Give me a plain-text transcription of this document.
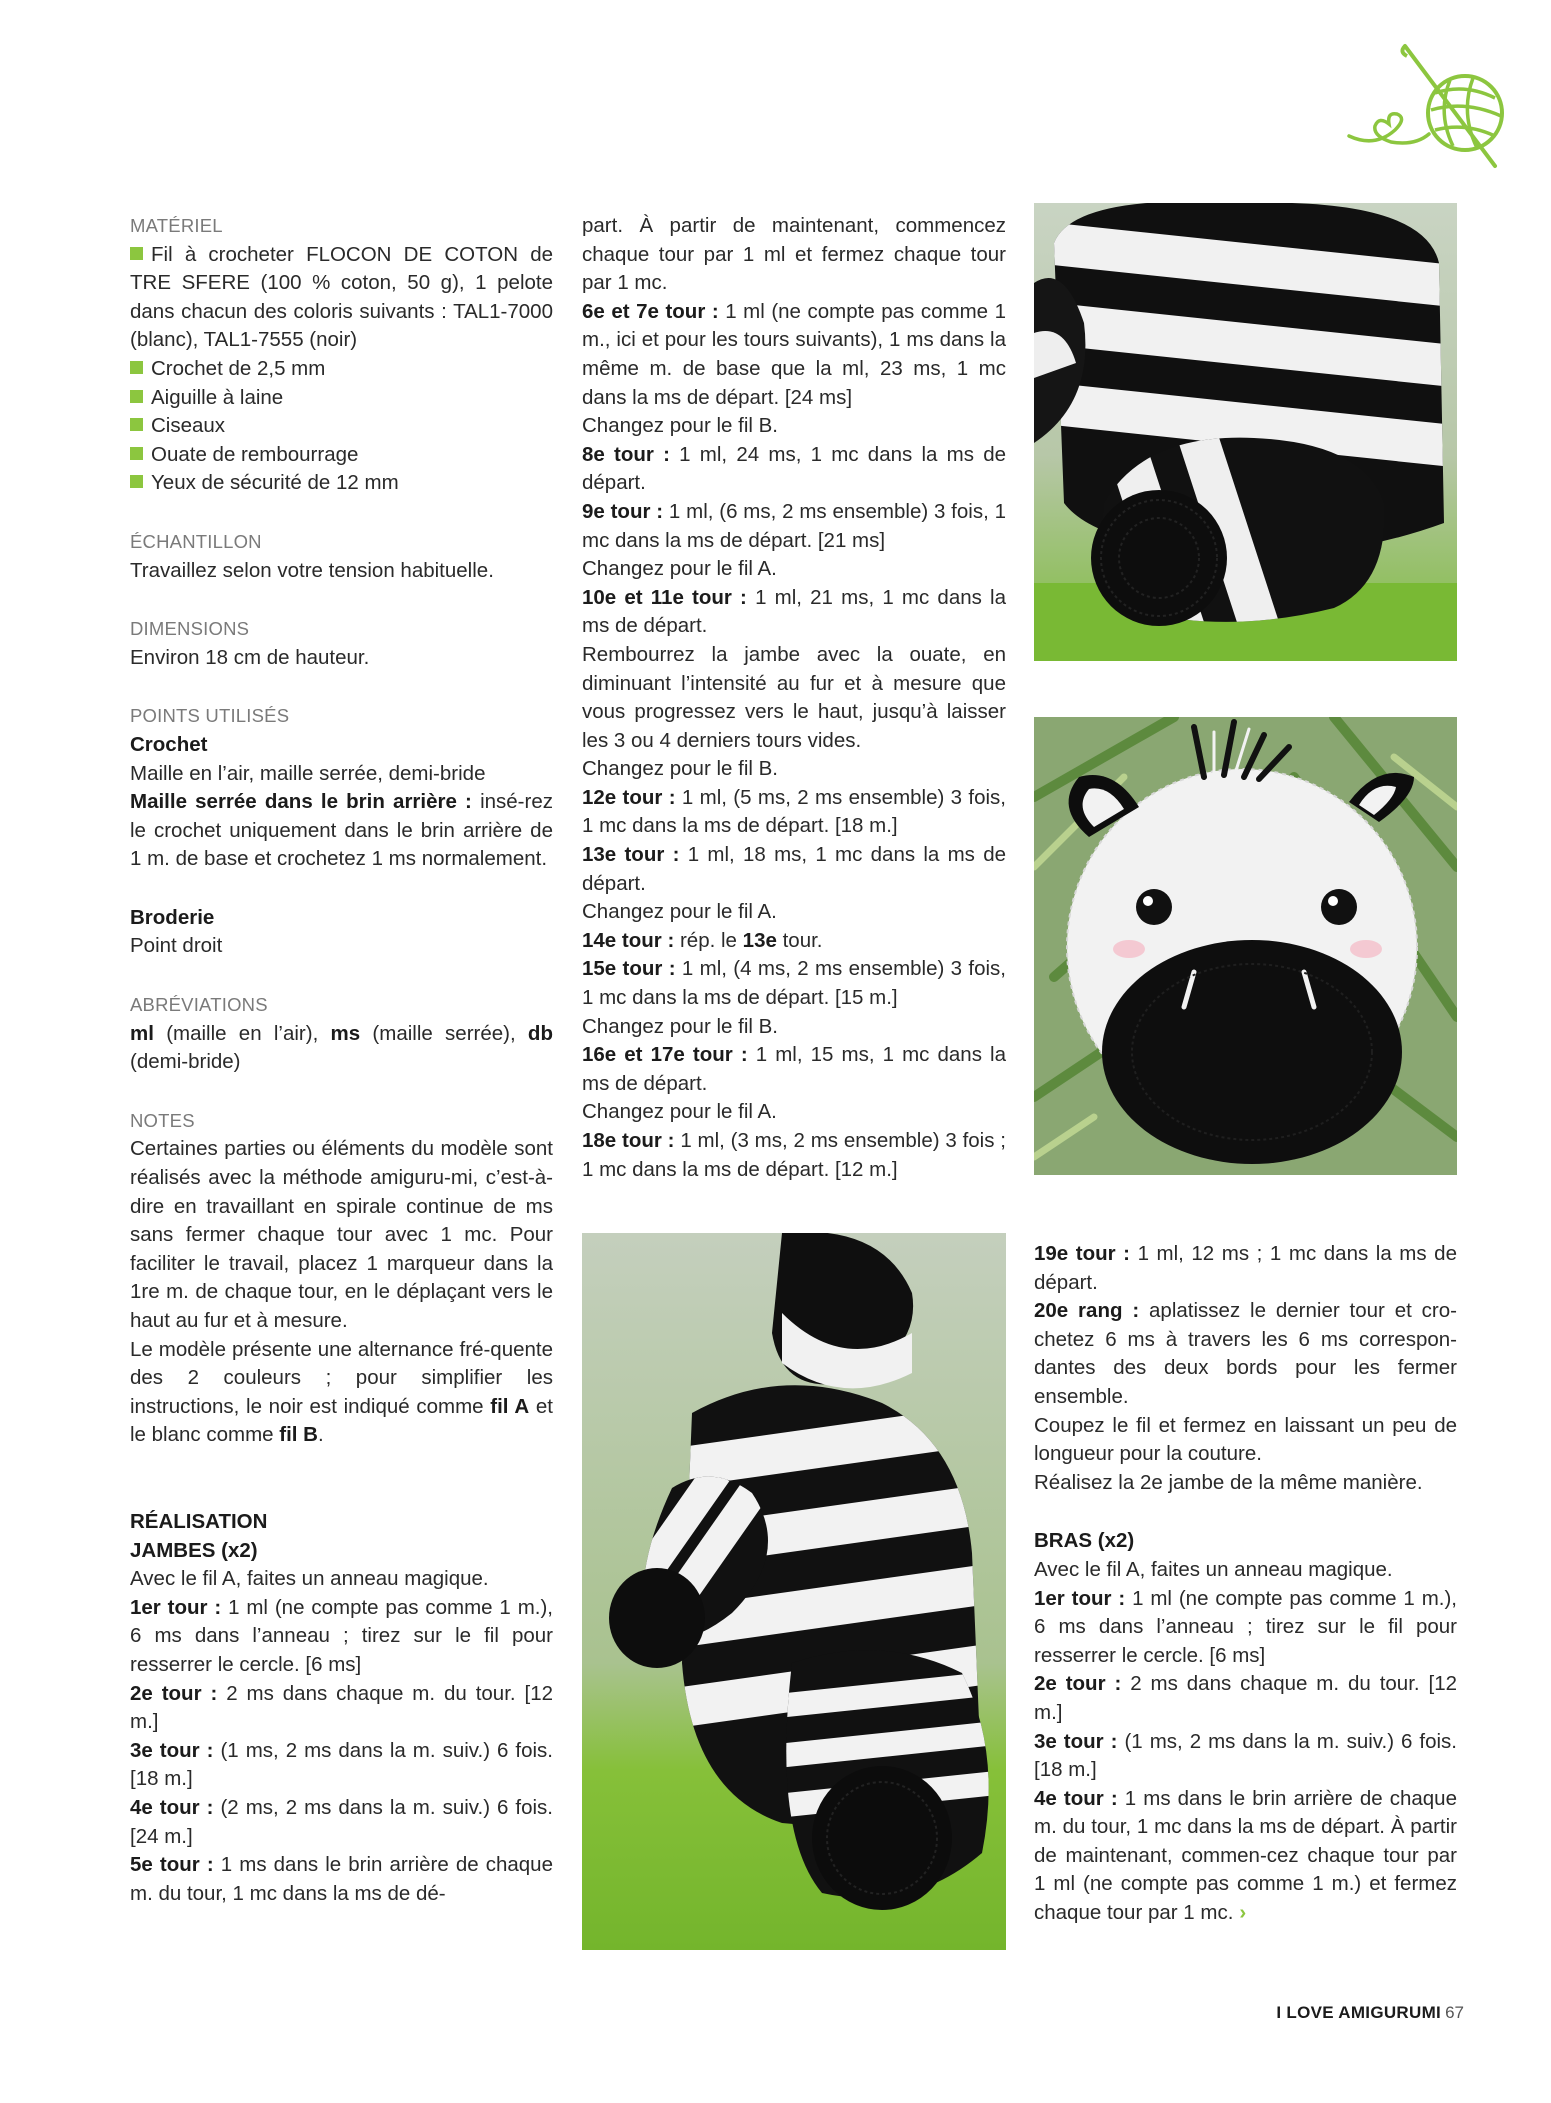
MATÉRIEL

Fil à crocheter FLOCON DE COTON de TRE SFERE (100 % coton, 50 g), 1 pelote dans chacun des coloris suivants : TAL1-7000 (blanc), TAL1-7555 (noir)

Crochet de 2,5 mm

Aiguille à laine

Ciseaux

Ouate de rembourrage

Yeux de sécurité de 12 mm

ÉCHANTILLON

Travaillez selon votre tension habituelle.

DIMENSIONS

Environ 18 cm de hauteur.

POINTS UTILISÉS

Crochet

Maille en l’air, maille serrée, demi-bride

Maille serrée dans le brin arrière : insé-rez le crochet uniquement dans le brin arrière de 1 m. de base et crochetez 1 ms normalement.

Broderie

Point droit

ABRÉVIATIONS

ml (maille en l’air), ms (maille serrée), db (demi-bride)

NOTES

Certaines parties ou éléments du modèle sont réalisés avec la méthode amiguru-mi, c’est-à-dire en travaillant en spirale continue de ms sans fermer chaque tour avec 1 mc. Pour faciliter le travail, placez 1 marqueur dans la 1re m. de chaque tour, en le déplaçant vers le haut au fur et à mesure.

Le modèle présente une alternance fré-quente des 2 couleurs ; pour simplifier les instructions, le noir est indiqué comme fil A et le blanc comme fil B.

RÉALISATION

JAMBES (x2)

Avec le fil A, faites un anneau magique.

1er tour : 1 ml (ne compte pas comme 1 m.), 6 ms dans l’anneau ; tirez sur le fil pour resserrer le cercle. [6 ms]

2e tour : 2 ms dans chaque m. du tour. [12 m.]

3e tour : (1 ms, 2 ms dans la m. suiv.) 6 fois. [18 m.]

4e tour : (2 ms, 2 ms dans la m. suiv.) 6 fois. [24 m.]

5e tour : 1 ms dans le brin arrière de chaque m. du tour, 1 mc dans la ms de dé-

part. À partir de maintenant, commencez chaque tour par 1 ml et fermez chaque tour par 1 mc.

6e et 7e tour : 1 ml (ne compte pas comme 1 m., ici et pour les tours suivants), 1 ms dans la même m. de base que la ml, 23 ms, 1 mc dans la ms de départ. [24 ms]

Changez pour le fil B.

8e tour : 1 ml, 24 ms, 1 mc dans la ms de départ.

9e tour : 1 ml, (6 ms, 2 ms ensemble) 3 fois, 1 mc dans la ms de départ. [21 ms]

Changez pour le fil A.

10e et 11e tour : 1 ml, 21 ms, 1 mc dans la ms de départ.

Rembourrez la jambe avec la ouate, en diminuant l’intensité au fur et à mesure que vous progressez vers le haut, jusqu’à laisser les 3 ou 4 derniers tours vides.

Changez pour le fil B.

12e tour : 1 ml, (5 ms, 2 ms ensemble) 3 fois, 1 mc dans la ms de départ. [18 m.]

13e tour : 1 ml, 18 ms, 1 mc dans la ms de départ.

Changez pour le fil A.

14e tour : rép. le 13e tour.

15e tour : 1 ml, (4 ms, 2 ms ensemble) 3 fois, 1 mc dans la ms de départ. [15 m.]

Changez pour le fil B.

16e et 17e tour : 1 ml, 15 ms, 1 mc dans la ms de départ.

Changez pour le fil A.

18e tour : 1 ml, (3 ms, 2 ms ensemble) 3 fois ; 1 mc dans la ms de départ. [12 m.]

19e tour : 1 ml, 12 ms ; 1 mc dans la ms de départ.

20e rang : aplatissez le dernier tour et cro-chetez 6 ms à travers les 6 ms correspon-dantes des deux bords pour les fermer ensemble.

Coupez le fil et fermez en laissant un peu de longueur pour la couture.

Réalisez la 2e jambe de la même manière.

BRAS (x2)

Avec le fil A, faites un anneau magique.

1er tour : 1 ml (ne compte pas comme 1 m.), 6 ms dans l’anneau ; tirez sur le fil pour resserrer le cercle. [6 ms]

2e tour : 2 ms dans chaque m. du tour. [12 m.]

3e tour : (1 ms, 2 ms dans la m. suiv.) 6 fois. [18 m.]

4e tour : 1 ms dans le brin arrière de chaque m. du tour, 1 mc dans la ms de départ. À partir de maintenant, commen-cez chaque tour par 1 ml (ne compte pas comme 1 m.) et fermez chaque tour par 1 mc. ›

I LOVE AMIGURUMI 67
